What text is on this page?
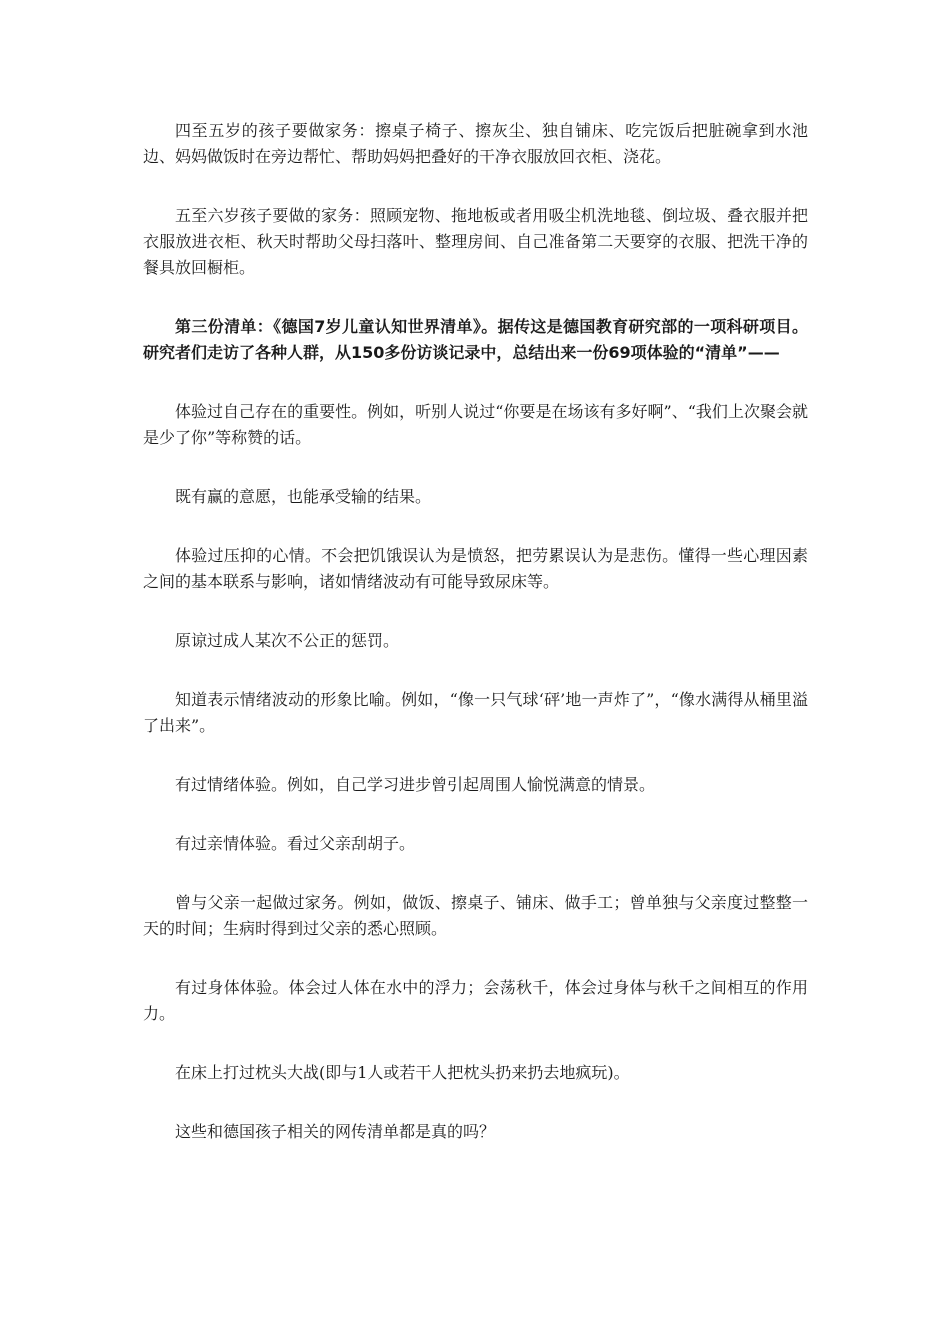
四至五岁的孩子要做家务：擦桌子椅子、擦灰尘、独自铺床、吃完饭后把脏碗拿到水池边、妈妈做饭时在旁边帮忙、帮助妈妈把叠好的干净衣服放回衣柜、浇花。

五至六岁孩子要做的家务：照顾宠物、拖地板或者用吸尘机洗地毯、倒垃圾、叠衣服并把衣服放进衣柜、秋天时帮助父母扫落叶、整理房间、自己准备第二天要穿的衣服、把洗干净的餐具放回橱柜。

第三份清单：《德国7岁儿童认知世界清单》。据传这是德国教育研究部的一项科研项目。研究者们走访了各种人群，从150多份访谈记录中，总结出来一份69项体验的“清单”——

体验过自己存在的重要性。例如，听别人说过“你要是在场该有多好啊”、“我们上次聚会就是少了你”等称赞的话。

既有赢的意愿，也能承受输的结果。

体验过压抑的心情。不会把饥饿误认为是愤怒，把劳累误认为是悲伤。懂得一些心理因素之间的基本联系与影响，诸如情绪波动有可能导致尿床等。

原谅过成人某次不公正的惩罚。

知道表示情绪波动的形象比喻。例如，“像一只气球‘砰’地一声炸了”，“像水满得从桶里溢了出来”。

有过情绪体验。例如，自己学习进步曾引起周围人愉悦满意的情景。

有过亲情体验。看过父亲刮胡子。

曾与父亲一起做过家务。例如，做饭、擦桌子、铺床、做手工；曾单独与父亲度过整整一天的时间；生病时得到过父亲的悉心照顾。

有过身体体验。体会过人体在水中的浮力；会荡秋千，体会过身体与秋千之间相互的作用力。

在床上打过枕头大战(即与1人或若干人把枕头扔来扔去地疯玩)。

这些和德国孩子相关的网传清单都是真的吗？
